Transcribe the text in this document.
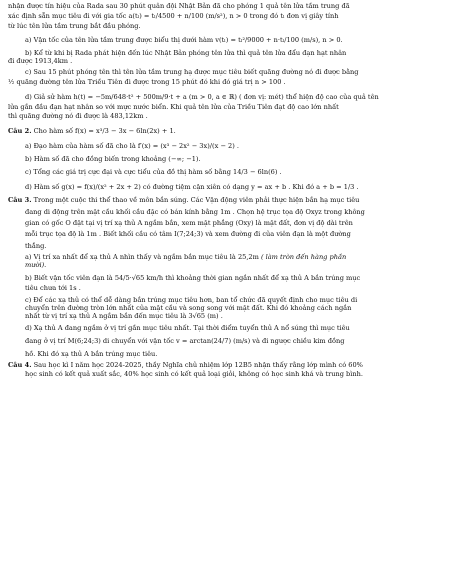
nhận được tín hiệu của Rada sau 30 phút quân đội Nhật Bản đã cho phóng 1 quả tên lửa tầm trung đã

xác định sẵn mục tiêu đi với gia tốc a(tₗ) = tₗ/4500 + n/100 (m/s²), n > 0 trong đó tₗ đơn vị giây tính

từ lúc tên lửa tầm trung bắt đầu phóng.

a) Vận tốc của tên lửa tầm trung được biểu thị dưới hàm v(tₗ) = tₗ²/9000 + n·tₗ/100 (m/s), n > 0.

b) Kể từ khi bị Rada phát hiện đến lúc Nhật Bản phóng tên lửa thì quả tên lửa đẩu đạn hạt nhân

đi được 1913,4km .

c) Sau 15 phút phóng tên thì tên lửa tầm trung hạ được mục tiêu biết quãng đường nó đi được bằng

½ quãng đường tên lửa Triều Tiên đi được trong 15 phút đó khi đó giá trị n > 100 .

d) Giả sử hàm h(t) = −5m/648·t² + 500m/9·t + a (m > 0, a ∈ ℝ) ( đơn vị: mét) thể hiện độ cao của quả tên

lửa gắn đầu đạn hạt nhân so với mực nước biển. Khi quả tên lửa của Triều Tiên đạt độ cao lớn nhất

thì quãng đường nó đi được là 483,12km .

Câu 2. Cho hàm số f(x) = x³/3 − 3x − 6ln(2x) + 1.

a) Đạo hàm của hàm số đã cho là f′(x) = (x³ − 2x² − 3x)/(x − 2) .

b) Hàm số đã cho đồng biến trong khoảng (−∞; −1).

c) Tổng các giá trị cực đại và cực tiểu của đồ thị hàm số bằng 14/3 − 6ln(6) .

d) Hàm số g(x) = f(x)/(x² + 2x + 2) có đường tiệm cận xiên có dạng y = ax + b . Khi đó a + b = 1/3 .

Câu 3. Trong một cuộc thi thể thao về môn bắn súng. Các Vận động viên phải thực hiện bắn hạ mục tiêu

đang di động trên mặt cầu khối cầu đặc có bán kính bằng 1m . Chọn hệ trục tọa độ Oxyz trong không

gian có gốc O đặt tại vị trí xạ thủ A ngắm bắn, xem mặt phẳng (Oxy) là mặt đất, đơn vị độ dài trên

mỗi trục tọa độ là 1m . Biết khối cầu có tâm I(7;24;3) và xem đường đi của viên đạn là một đường

thẳng.

a) Vị trí xa nhất để xạ thủ A nhìn thấy và ngắm bắn mục tiêu là 25,2m ( làm tròn đến hàng phần

mười).

b) Biết vận tốc viên đạn là 54/5·√65 km/h thì khoảng thời gian ngắn nhất để xạ thủ A bắn trúng mục

tiêu chưa tới 1s .

c) Để các xạ thủ có thể dễ dàng bắn trúng mục tiêu hơn, ban tổ chức đã quyết định cho mục tiêu di

chuyển trên đường tròn lớn nhất của mặt cầu và song song với mặt đất. Khi đó khoảng cách ngắn

nhất từ vị trí xạ thủ A ngắm bắn đến mục tiêu là 3√65 (m) .

d) Xạ thủ A đang ngắm ở vị trí gần mục tiêu nhất. Tại thời điểm tuyển thủ A nổ súng thì mục tiêu

đang ở vị trí M(6;24;3) di chuyển với vận tốc v = arctan(24/7) (m/s) và đi ngược chiều kim đồng

hồ. Khi đó xạ thủ A bắn trúng mục tiêu.

Câu 4. Sau học kì I năm học 2024-2025, thầy Nghĩa chủ nhiệm lớp 12B5 nhận thấy rằng lớp mình có 60%

học sinh có kết quả xuất sắc, 40% học sinh có kết quả loại giỏi, không có học sinh khá và trung bình.
